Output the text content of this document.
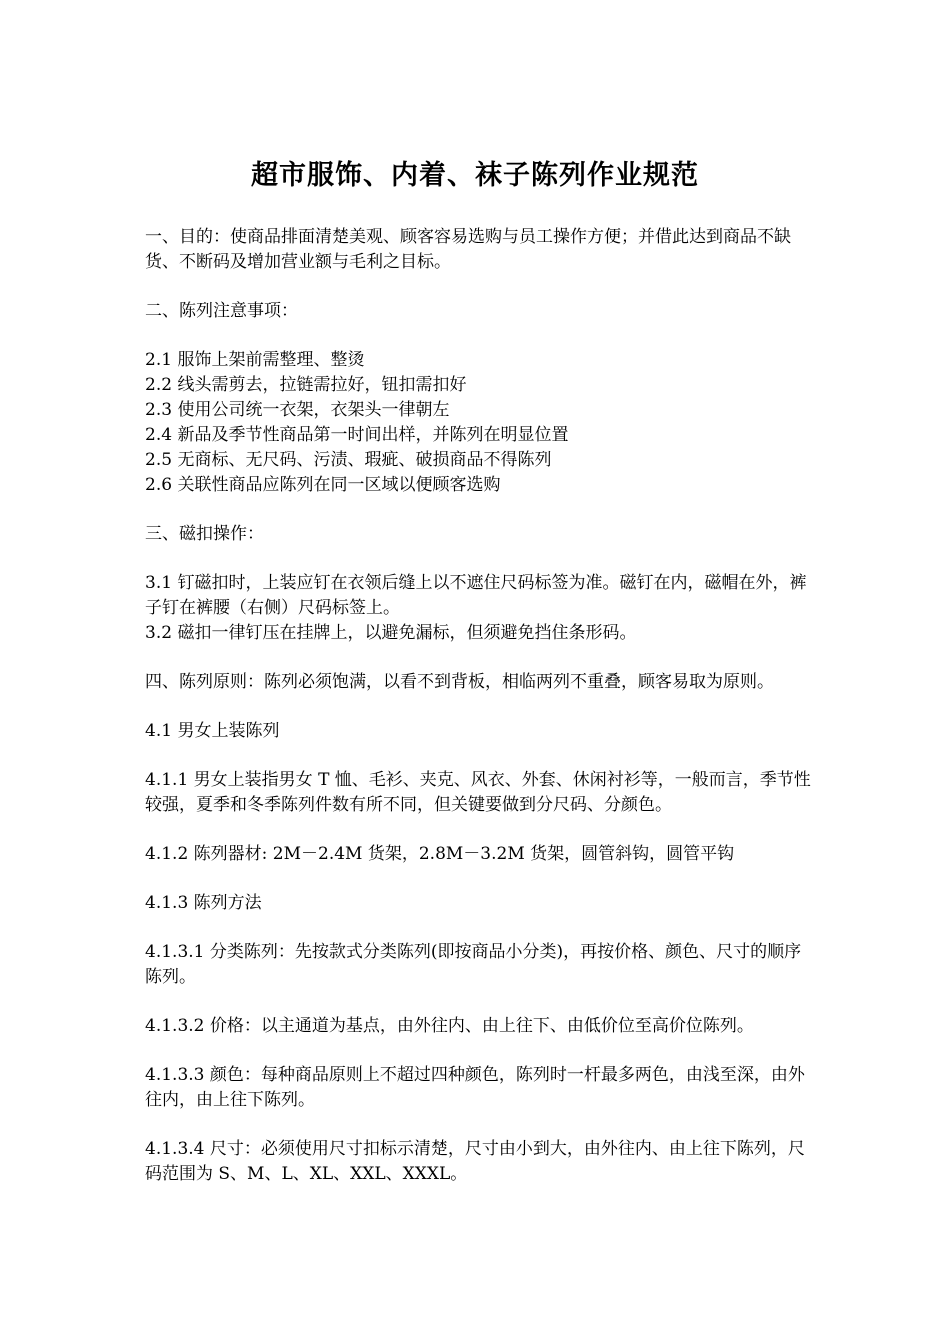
超市服饰、内着、袜子陈列作业规范

一、目的：使商品排面清楚美观、顾客容易选购与员工操作方便；并借此达到商品不缺货、不断码及增加营业额与毛利之目标。

二、陈列注意事项：

2.1 服饰上架前需整理、整烫

2.2 线头需剪去，拉链需拉好，钮扣需扣好

2.3 使用公司统一衣架，衣架头一律朝左

2.4 新品及季节性商品第一时间出样，并陈列在明显位置

2.5 无商标、无尺码、污渍、瑕疵、破损商品不得陈列

2.6 关联性商品应陈列在同一区域以便顾客选购

三、磁扣操作：

3.1 钉磁扣时，上装应钉在衣领后缝上以不遮住尺码标签为准。磁钉在内，磁帽在外，裤子钉在裤腰（右侧）尺码标签上。

3.2 磁扣一律钉压在挂牌上，以避免漏标，但须避免挡住条形码。

四、陈列原则：陈列必须饱满，以看不到背板，相临两列不重叠，顾客易取为原则。

4.1 男女上装陈列

4.1.1 男女上装指男女 T 恤、毛衫、夹克、风衣、外套、休闲衬衫等，一般而言，季节性较强，夏季和冬季陈列件数有所不同，但关键要做到分尺码、分颜色。

4.1.2 陈列器材: 2M－2.4M 货架，2.8M－3.2M 货架，圆管斜钩，圆管平钩

4.1.3 陈列方法

4.1.3.1 分类陈列：先按款式分类陈列(即按商品小分类)，再按价格、颜色、尺寸的顺序陈列。

4.1.3.2 价格：以主通道为基点，由外往内、由上往下、由低价位至高价位陈列。

4.1.3.3 颜色：每种商品原则上不超过四种颜色，陈列时一杆最多两色，由浅至深，由外往内，由上往下陈列。

4.1.3.4 尺寸：必须使用尺寸扣标示清楚，尺寸由小到大，由外往内、由上往下陈列，尺码范围为 S、M、L、XL、XXL、XXXL。
